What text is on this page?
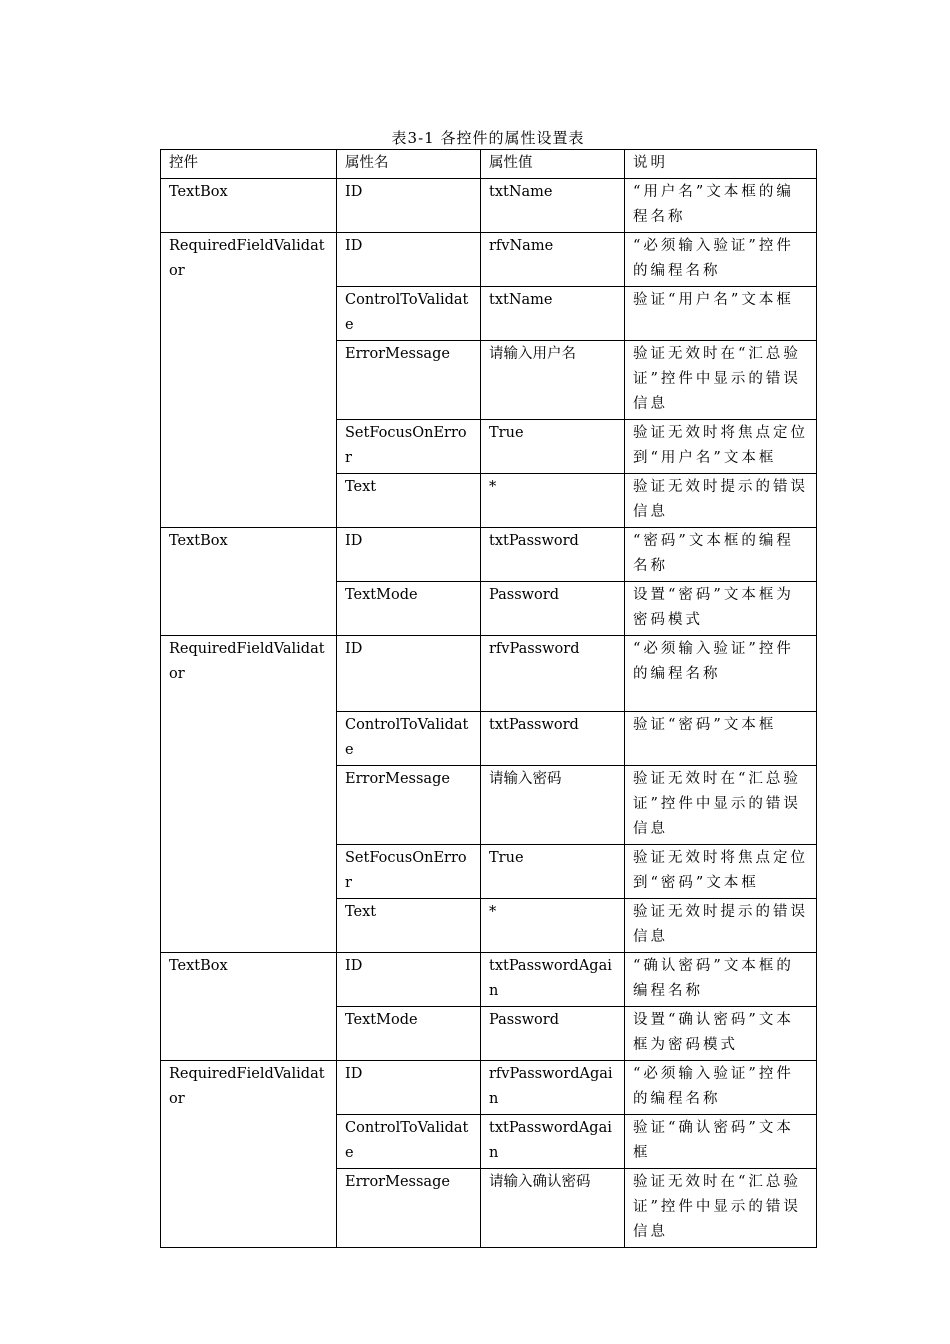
表3-1 各控件的属性设置表
控件	属性名	属性值	说明
TextBox	ID	txtName	“用户名”文本框的编程名称
RequiredFieldValidator	ID	rfvName	“必须输入验证”控件的编程名称
	ControlToValidate	txtName	验证“用户名”文本框
	ErrorMessage	请输入用户名	验证无效时在“汇总验证”控件中显示的错误信息
	SetFocusOnError	True	验证无效时将焦点定位到“用户名”文本框
	Text	*	验证无效时提示的错误信息
TextBox	ID	txtPassword	“密码”文本框的编程名称
	TextMode	Password	设置“密码”文本框为密码模式
RequiredFieldValidator	ID	rfvPassword	“必须输入验证”控件的编程名称
	ControlToValidate	txtPassword	验证“密码”文本框
	ErrorMessage	请输入密码	验证无效时在“汇总验证”控件中显示的错误信息
	SetFocusOnError	True	验证无效时将焦点定位到“密码”文本框
	Text	*	验证无效时提示的错误信息
TextBox	ID	txtPasswordAgain	“确认密码”文本框的编程名称
	TextMode	Password	设置“确认密码”文本框为密码模式
RequiredFieldValidator	ID	rfvPasswordAgain	“必须输入验证”控件的编程名称
	ControlToValidate	txtPasswordAgain	验证“确认密码”文本框
	ErrorMessage	请输入确认密码	验证无效时在“汇总验证”控件中显示的错误信息
